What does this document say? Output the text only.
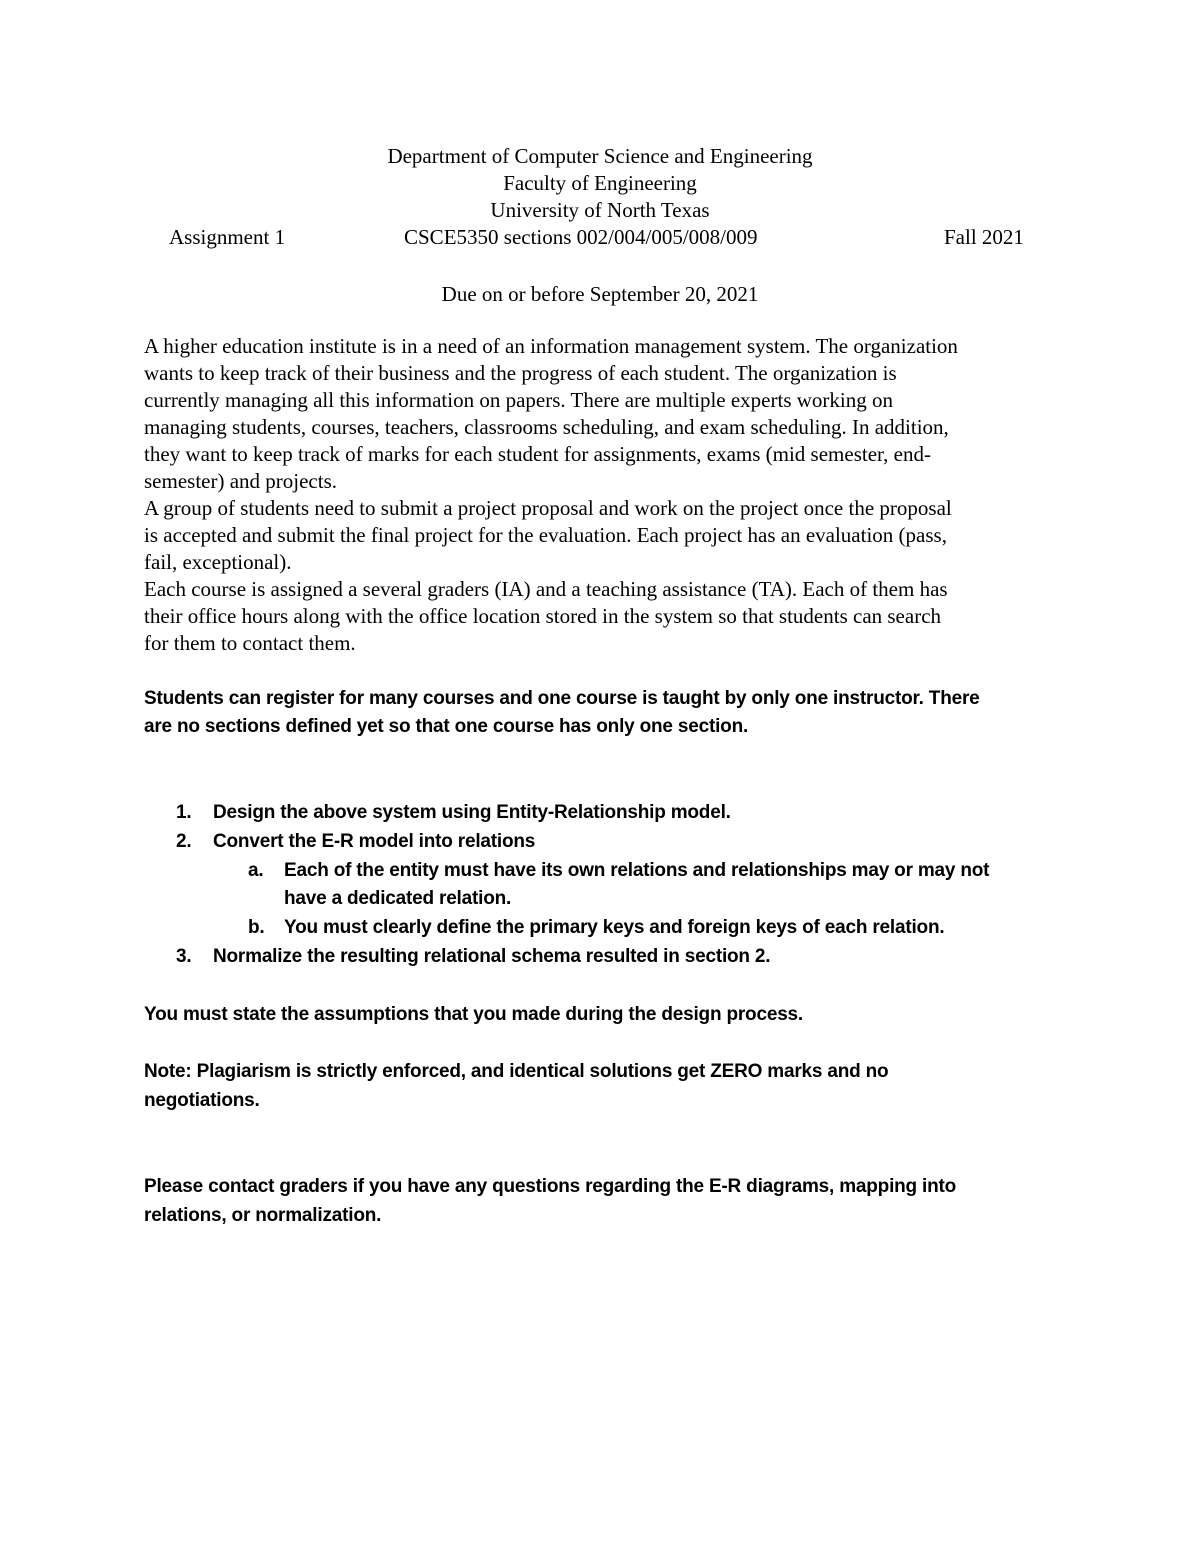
Department of Computer Science and Engineering
Faculty of Engineering
University of North Texas
Assignment 1	CSCE5350 sections 002/004/005/008/009	Fall 2021
Due on or before September 20, 2021
A higher education institute is in a need of an information management system. The organization
wants to keep track of their business and the progress of each student. The organization is
currently managing all this information on papers. There are multiple experts working on
managing students, courses, teachers, classrooms scheduling, and exam scheduling. In addition,
they want to keep track of marks for each student for assignments, exams (mid semester, end-
semester) and projects.
A group of students need to submit a project proposal and work on the project once the proposal
is accepted and submit the final project for the evaluation. Each project has an evaluation (pass,
fail, exceptional).
Each course is assigned a several graders (IA) and a teaching assistance (TA). Each of them has
their office hours along with the office location stored in the system so that students can search
for them to contact them.
Students can register for many courses and one course is taught by only one instructor. There
are no sections defined yet so that one course has only one section.
1. Design the above system using Entity-Relationship model.
2. Convert the E-R model into relations
a. Each of the entity must have its own relations and relationships may or may not
have a dedicated relation.
b. You must clearly define the primary keys and foreign keys of each relation.
3. Normalize the resulting relational schema resulted in section 2.
You must state the assumptions that you made during the design process.
Note: Plagiarism is strictly enforced, and identical solutions get ZERO marks and no
negotiations.
Please contact graders if you have any questions regarding the E-R diagrams, mapping into
relations, or normalization.
